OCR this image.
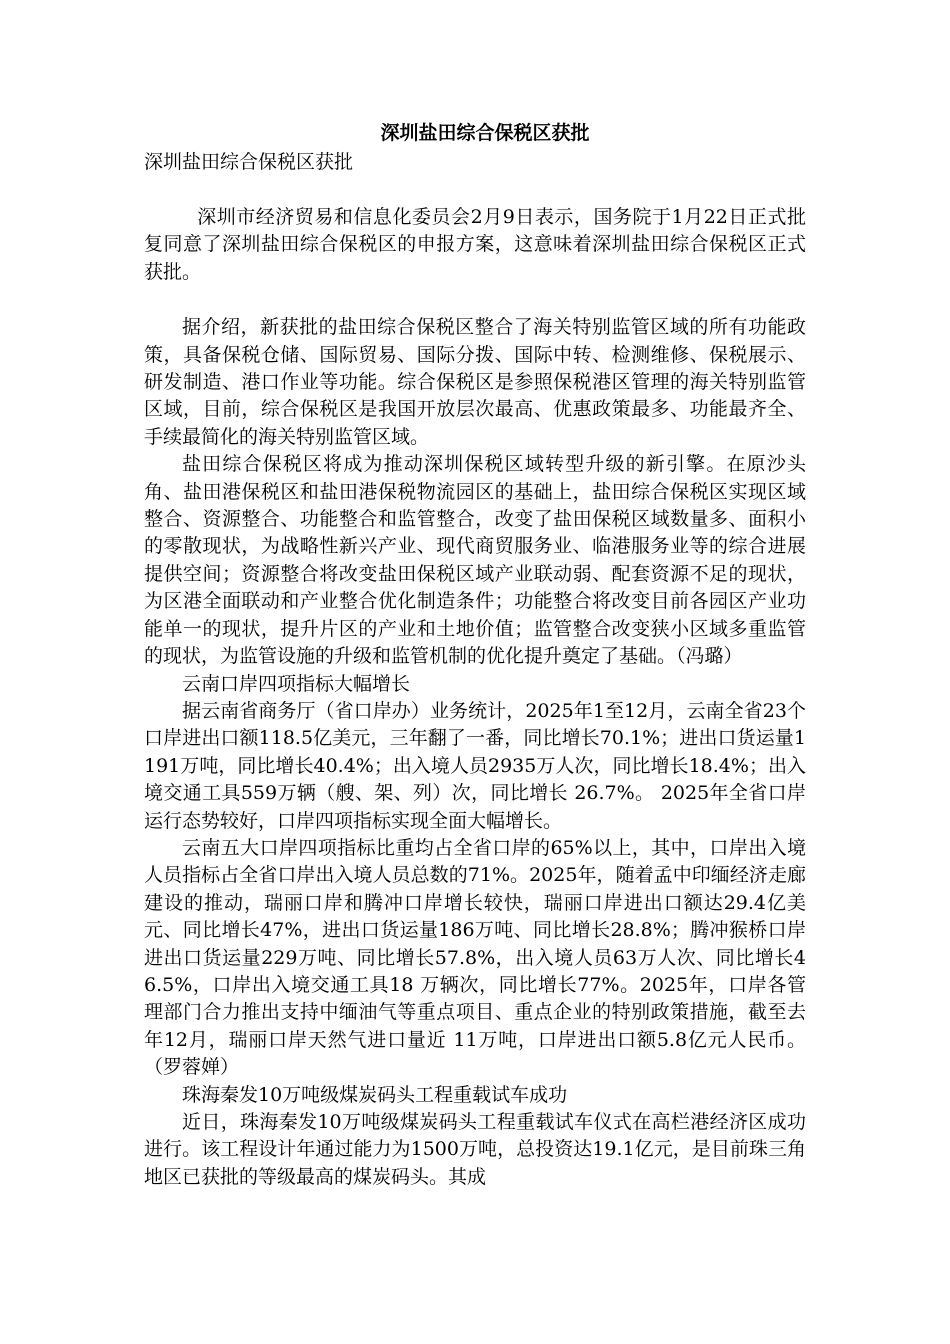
深圳盐田综合保税区获批
深圳盐田综合保税区获批

深圳市经济贸易和信息化委员会2月9日表示，国务院于1月22日正式批复同意了深圳盐田综合保税区的申报方案，这意味着深圳盐田综合保税区正式获批。

据介绍，新获批的盐田综合保税区整合了海关特别监管区域的所有功能政策，具备保税仓储、国际贸易、国际分拨、国际中转、检测维修、保税展示、研发制造、港口作业等功能。综合保税区是参照保税港区管理的海关特别监管区域，目前，综合保税区是我国开放层次最高、优惠政策最多、功能最齐全、手续最简化的海关特别监管区域。

盐田综合保税区将成为推动深圳保税区域转型升级的新引擎。在原沙头角、盐田港保税区和盐田港保税物流园区的基础上，盐田综合保税区实现区域整合、资源整合、功能整合和监管整合，改变了盐田保税区域数量多、面积小的零散现状，为战略性新兴产业、现代商贸服务业、临港服务业等的综合进展提供空间；资源整合将改变盐田保税区域产业联动弱、配套资源不足的现状，为区港全面联动和产业整合优化制造条件；功能整合将改变目前各园区产业功能单一的现状，提升片区的产业和土地价值；监管整合改变狭小区域多重监管的现状，为监管设施的升级和监管机制的优化提升奠定了基础。（冯璐）

云南口岸四项指标大幅增长

据云南省商务厅（省口岸办）业务统计，2025年1至12月，云南全省23个口岸进出口额118.5亿美元，三年翻了一番，同比增长70.1%；进出口货运量1191万吨，同比增长40.4%；出入境人员2935万人次，同比增长18.4%；出入境交通工具559万辆（艘、架、列）次，同比增长 26.7%。 2025年全省口岸运行态势较好，口岸四项指标实现全面大幅增长。

云南五大口岸四项指标比重均占全省口岸的65%以上，其中，口岸出入境人员指标占全省口岸出入境人员总数的71%。2025年，随着孟中印缅经济走廊建设的推动，瑞丽口岸和腾冲口岸增长较快，瑞丽口岸进出口额达29.4亿美元、同比增长47%，进出口货运量186万吨、同比增长28.8%；腾冲猴桥口岸进出口货运量229万吨、同比增长57.8%，出入境人员63万人次、同比增长46.5%，口岸出入境交通工具18 万辆次，同比增长77%。2025年，口岸各管理部门合力推出支持中缅油气等重点项目、重点企业的特别政策措施，截至去年12月，瑞丽口岸天然气进口量近 11万吨，口岸进出口额5.8亿元人民币。（罗蓉婵）

珠海秦发10万吨级煤炭码头工程重载试车成功

近日，珠海秦发10万吨级煤炭码头工程重载试车仪式在高栏港经济区成功进行。该工程设计年通过能力为1500万吨，总投资达19.1亿元，是目前珠三角地区已获批的等级最高的煤炭码头。其成
